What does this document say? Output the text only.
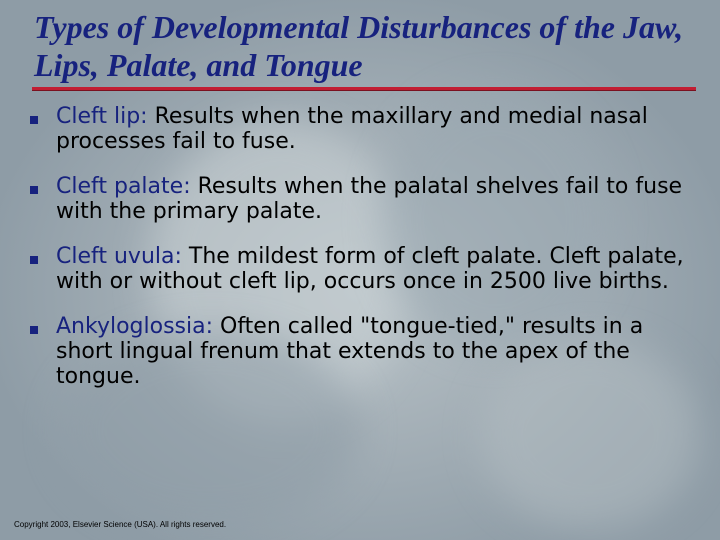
Types of Developmental Disturbances of the Jaw, Lips, Palate, and Tongue
Cleft lip: Results when the maxillary and medial nasal processes fail to fuse.
Cleft palate: Results when the palatal shelves fail to fuse with the primary palate.
Cleft uvula: The mildest form of cleft palate. Cleft palate, with or without cleft lip, occurs once in 2500 live births.
Ankyloglossia: Often called "tongue-tied," results in a short lingual frenum that extends to the apex of the tongue.
Copyright 2003, Elsevier Science (USA). All rights reserved.
